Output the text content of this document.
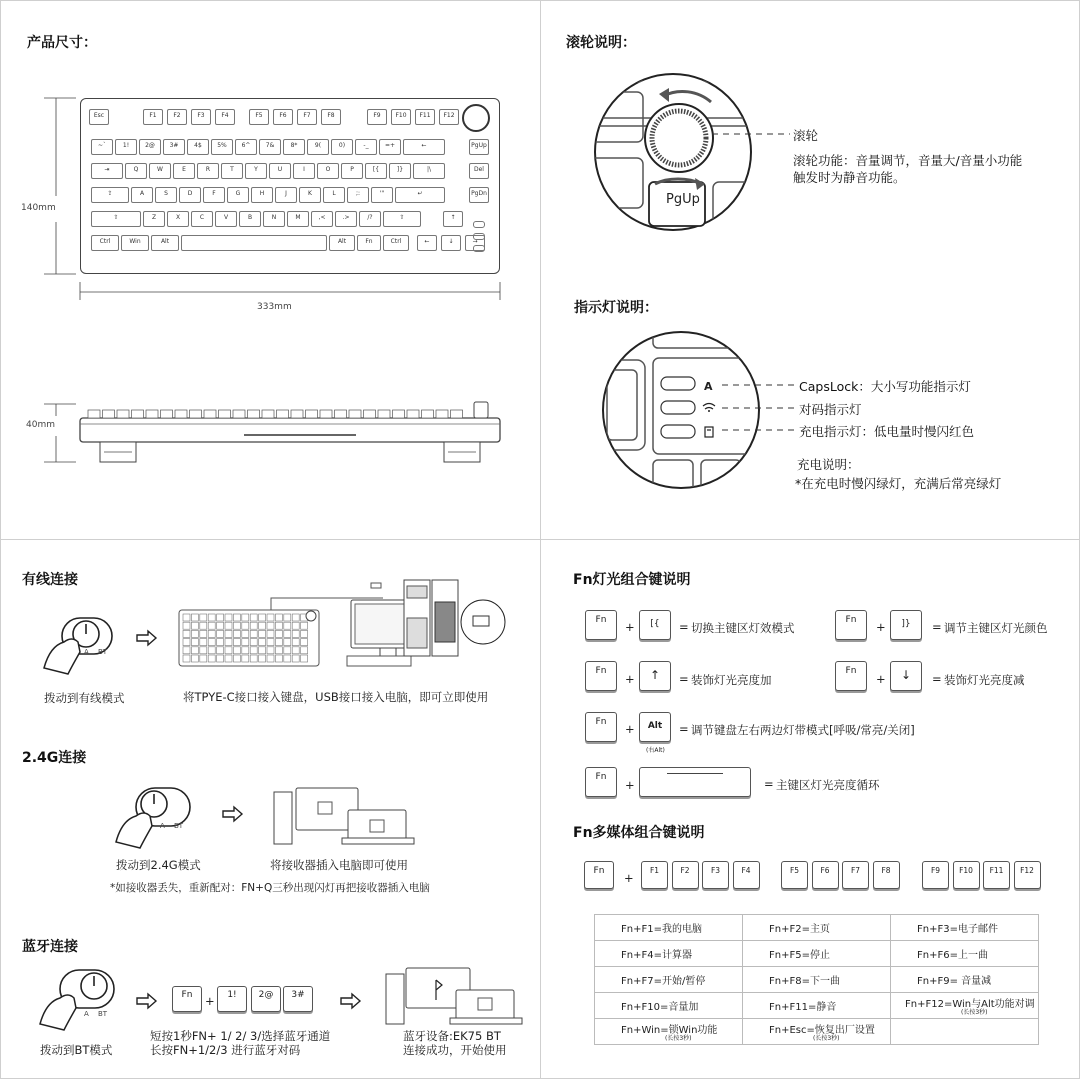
产品尺寸：
Esc	F1	F2	F3	F4	F5	F6	F7	F8	F9	F10	F11	F12
~`	1!	2@	3#	4$	5%	6^	7&	8*	9(	0)	-_	=+	←	PgUp
⇥	Q	W	E	R	T	Y	U	I	O	P	[{	]}	|\	Del
⇪	A	S	D	F	G	H	J	K	L	;:	'"	↵	PgDn
⇧	Z	X	C	V	B	N	M	,<	.>	/?	⇧	↑
Ctrl	Win	Alt	Alt	Fn	Ctrl	←	↓	→
140mm
333mm
40mm
滚轮说明：
PgUp
滚轮
滚轮功能：音量调节，音量大/音量小功能
触发时为静音功能。
指示灯说明：
A	CapsLock：大小写功能指示灯
对码指示灯
充电指示灯：低电量时慢闪红色
充电说明：
*在充电时慢闪绿灯，充满后常亮绿灯
有线连接
A BT
拨动到有线模式	将TPYE-C接口接入键盘，USB接口接入电脑，即可立即使用
2.4G连接
A BT
拨动到2.4G模式	将接收器插入电脑即可使用
*如接收器丢失，重新配对：FN+Q三秒出现闪灯再把接收器插入电脑
蓝牙连接
A BT
Fn	+	1!	2@	3#
拨动到BT模式
短按1秒FN+ 1/ 2/ 3/选择蓝牙通道
长按FN+1/2/3 进行蓝牙对码
蓝牙设备:EK75 BT
连接成功，开始使用
Fn灯光组合键说明
Fn	+	[{	= 切换主键区灯效模式
Fn	+	]}	= 调节主键区灯光颜色
Fn
+	↑	= 装饰灯光亮度加
Fn
+	↓	= 装饰灯光亮度减
Fn	+	Alt
(右Alt)
= 调节键盘左右两边灯带模式[呼吸/常亮/关闭]
Fn
+	= 主键区灯光亮度循环
Fn多媒体组合键说明
Fn	+
F1	F2	F3	F4	F5	F6	F7	F8	F9	F10	F11	F12
Fn+F1=我的电脑	Fn+F2=主页	Fn+F3=电子邮件
Fn+F4=计算器	Fn+F5=停止	Fn+F6=上一曲
Fn+F7=开始/暂停	Fn+F8=下一曲	Fn+F9= 音量减
Fn+F10=音量加	Fn+F11=静音	Fn+F12=Win与Alt功能对调
(长按3秒)

Fn+Win=锁Win功能
(长按3秒)	Fn+Esc=恢复出厂设置
(长按3秒)	
